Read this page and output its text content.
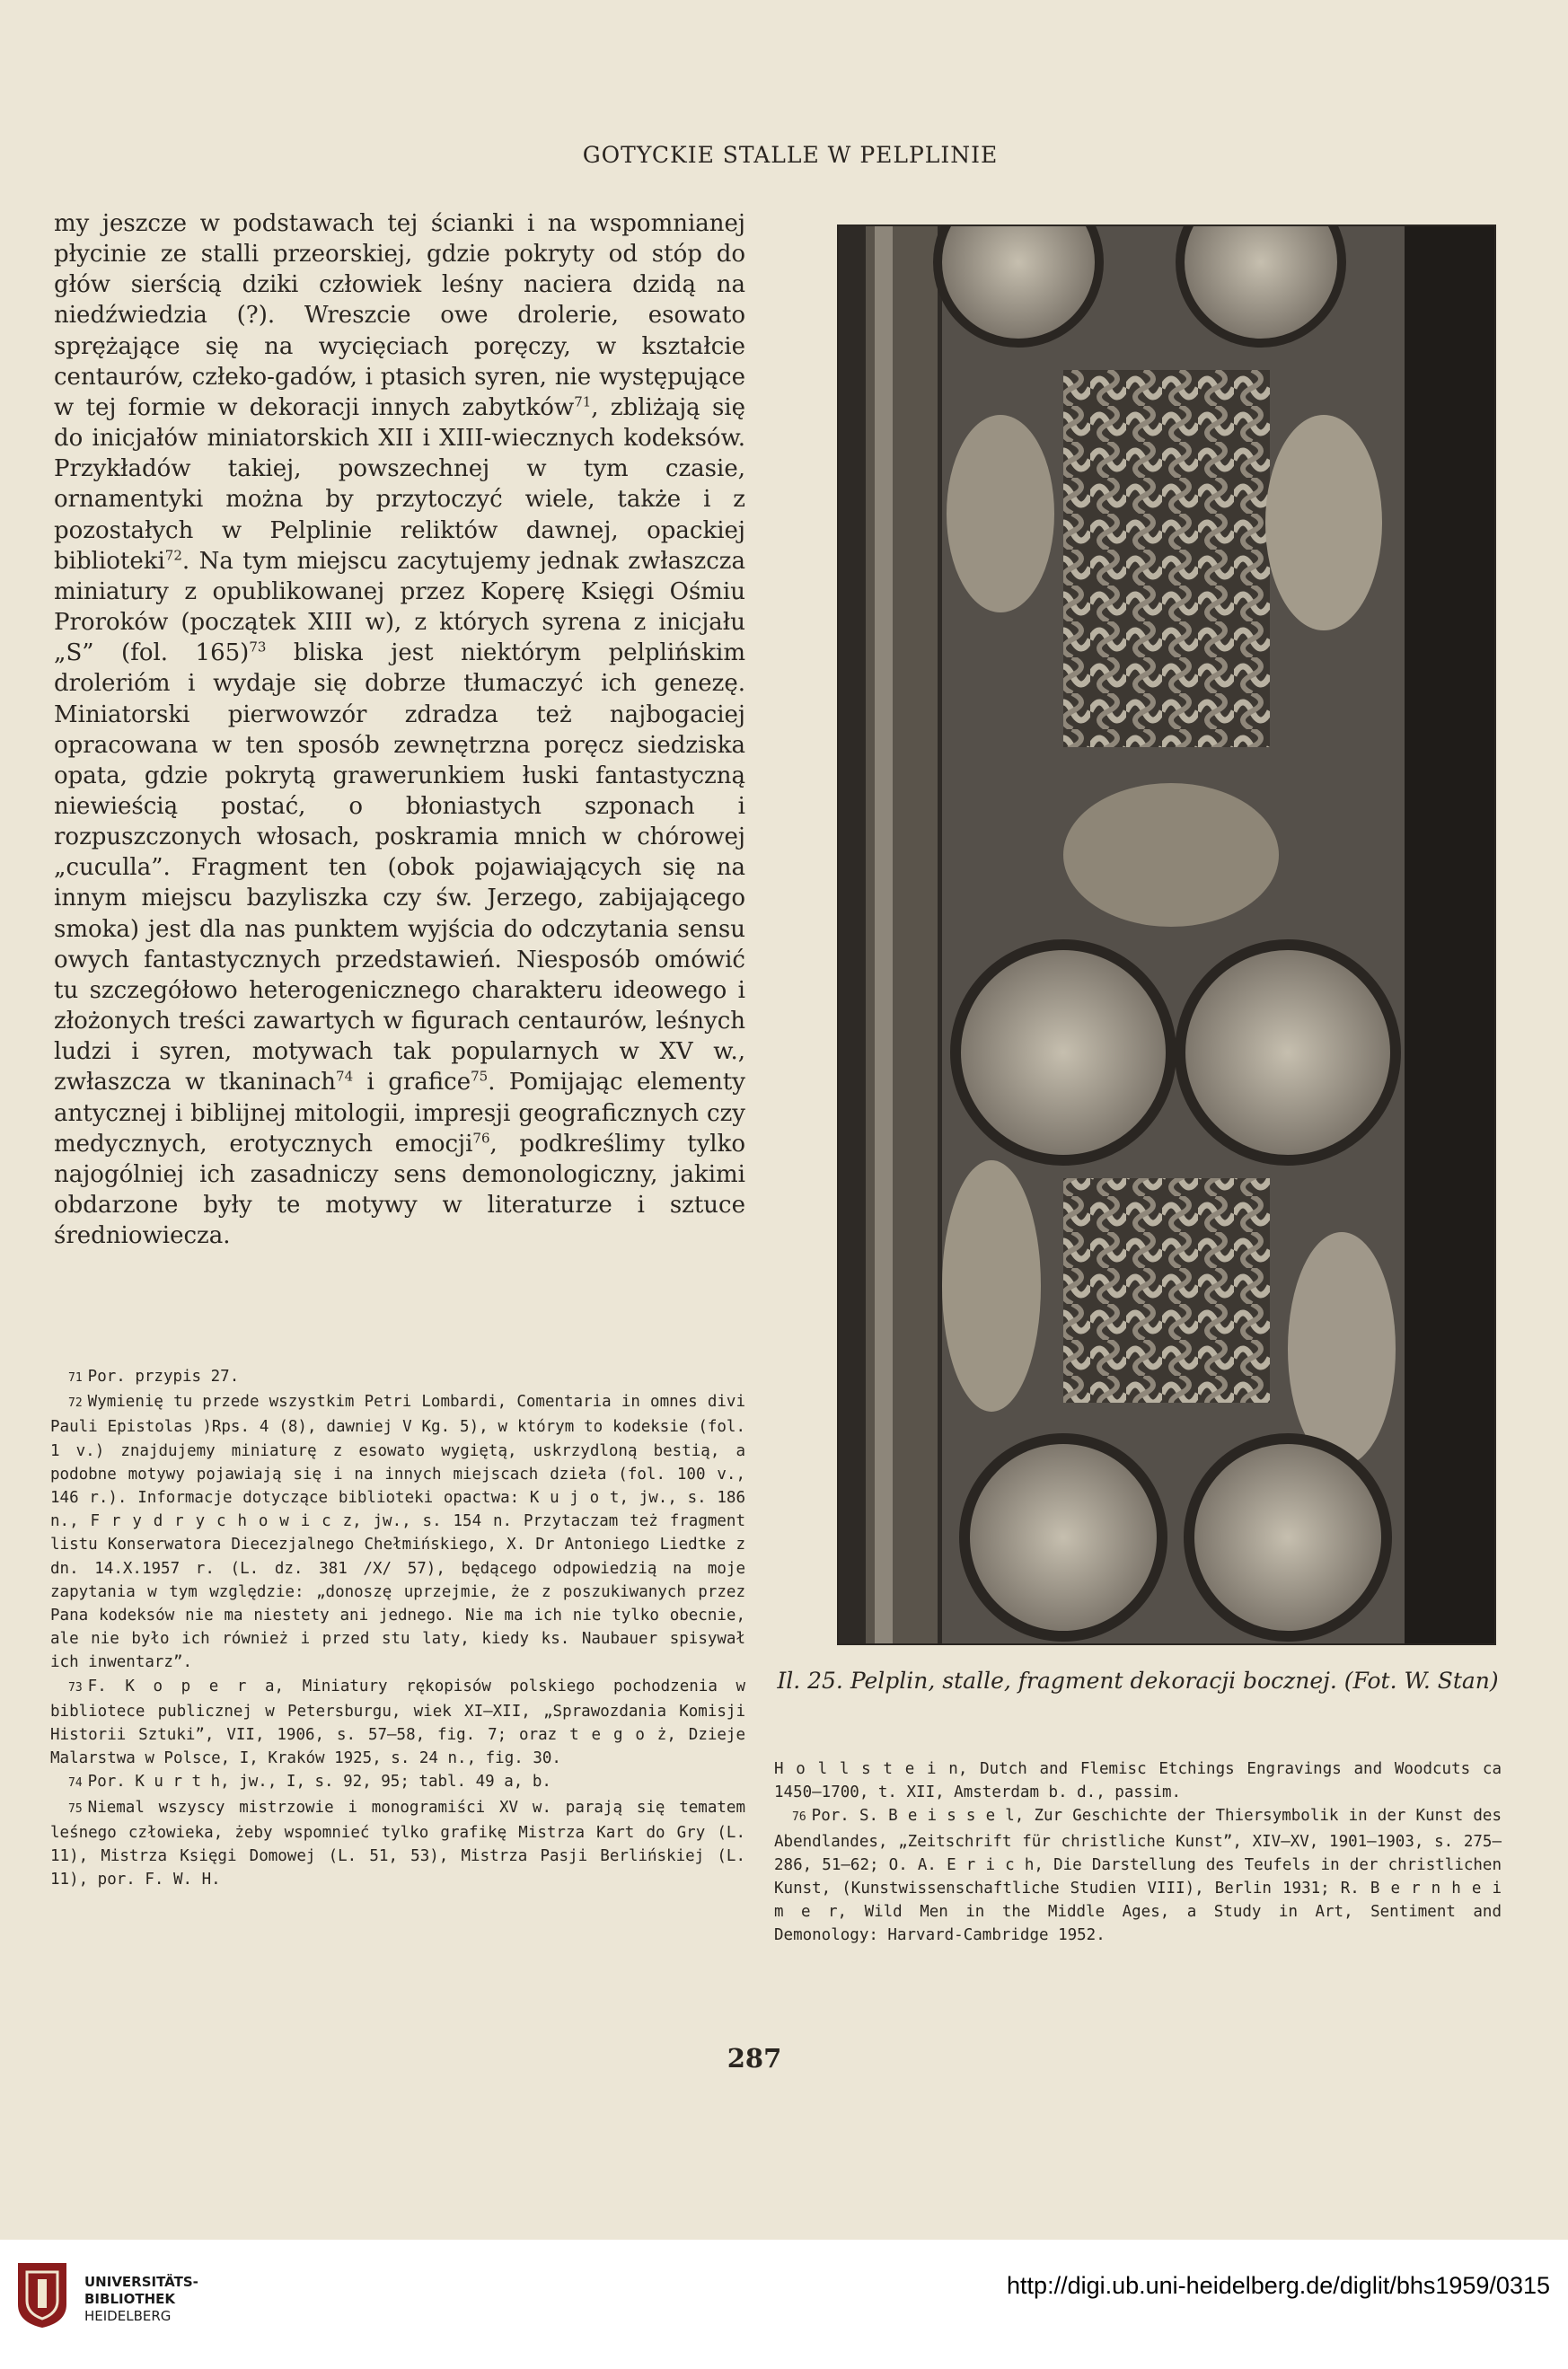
GOTYCKIE STALLE W PELPLINIE

my jeszcze w podstawach tej ścianki i na wspomnianej płycinie ze stalli przeorskiej, gdzie pokryty od stóp do głów sierścią dziki człowiek leśny naciera dzidą na niedźwiedzia (?). Wreszcie owe drolerie, esowato sprężające się na wycięciach poręczy, w kształcie centaurów, człeko-gadów, i ptasich syren, nie występujące w tej formie w dekoracji innych zabytków$^{71}$, zbliżają się do inicjałów miniatorskich XII i XIII-wiecznych kodeksów. Przykładów takiej, powszechnej w tym czasie, ornamentyki można by przytoczyć wiele, także i z pozostałych w Pelplinie reliktów dawnej, opackiej biblioteki$^{72}$. Na tym miejscu zacytujemy jednak zwłaszcza miniatury z opublikowanej przez Koperę Księgi Ośmiu Proroków (początek XIII w), z których syrena z inicjału „S” (fol. 165)$^{73}$ bliska jest niektórym pelplińskim drolerióm i wydaje się dobrze tłumaczyć ich genezę. Miniatorski pierwowzór zdradza też najbogaciej opracowana w ten sposób zewnętrzna poręcz siedziska opata, gdzie pokrytą grawerunkiem łuski fantastyczną niewieścią postać, o błoniastych szponach i rozpuszczonych włosach, poskramia mnich w chórowej „cuculla”. Fragment ten (obok pojawiających się na innym miejscu bazyliszka czy św. Jerzego, zabijającego smoka) jest dla nas punktem wyjścia do odczytania sensu owych fantastycznych przedstawień. Niesposób omówić tu szczegółowo heterogenicznego charakteru ideowego i złożonych treści zawartych w figurach centaurów, leśnych ludzi i syren, motywach tak popularnych w XV w., zwłaszcza w tkaninach$^{74}$ i grafice$^{75}$. Pomijając elementy antycznej i biblijnej mitologii, impresji geograficznych czy medycznych, erotycznych emocji$^{76}$, podkreślimy tylko najogólniej ich zasadniczy sens demonologiczny, jakimi obdarzone były te motywy w literaturze i sztuce średniowiecza.

Il. 25. Pelplin, stalle, fragment dekoracji bocznej. (Fot. W. Stan)

71 Por. przypis 27.

72 Wymienię tu przede wszystkim Petri Lombardi, Comentaria in omnes divi Pauli Epistolas )Rps. 4 (8), dawniej V Kg. 5), w którym to kodeksie (fol. 1 v.) znajdujemy miniaturę z esowato wygiętą, uskrzydloną bestią, a podobne motywy pojawiają się i na innych miejscach dzieła (fol. 100 v., 146 r.). Informacje dotyczące biblioteki opactwa: K u j o t, jw., s. 186 n., F r y d r y c h o w i c z, jw., s. 154 n. Przytaczam też fragment listu Konserwatora Diecezjalnego Chełmińskiego, X. Dr Antoniego Liedtke z dn. 14.X.1957 r. (L. dz. 381 /X/ 57), będącego odpowiedzią na moje zapytania w tym względzie: „donoszę uprzejmie, że z poszukiwanych przez Pana kodeksów nie ma niestety ani jednego. Nie ma ich nie tylko obecnie, ale nie było ich również i przed stu laty, kiedy ks. Naubauer spisywał ich inwentarz”.

73 F. K o p e r a, Miniatury rękopisów polskiego pochodzenia w bibliotece publicznej w Petersburgu, wiek XI—XII, „Sprawozdania Komisji Historii Sztuki”, VII, 1906, s. 57—58, fig. 7; oraz t e g o ż, Dzieje Malarstwa w Polsce, I, Kraków 1925, s. 24 n., fig. 30.

74 Por. K u r t h, jw., I, s. 92, 95; tabl. 49 a, b.

75 Niemal wszyscy mistrzowie i monogramiści XV w. parają się tematem leśnego człowieka, żeby wspomnieć tylko grafikę Mistrza Kart do Gry (L. 11), Mistrza Księgi Domowej (L. 51, 53), Mistrza Pasji Berlińskiej (L. 11), por. F. W. H.

H o l l s t e i n, Dutch and Flemisc Etchings Engravings and Woodcuts ca 1450—1700, t. XII, Amsterdam b. d., passim.

76 Por. S. B e i s s e l, Zur Geschichte der Thiersymbolik in der Kunst des Abendlandes, „Zeitschrift für christliche Kunst”, XIV—XV, 1901—1903, s. 275—286, 51—62; O. A. E r i c h, Die Darstellung des Teufels in der christlichen Kunst, (Kunstwissenschaftliche Studien VIII), Berlin 1931; R. B e r n h e i m e r, Wild Men in the Middle Ages, a Study in Art, Sentiment and Demonology: Harvard-Cambridge 1952.

287
UNIVERSITÄTS-
BIBLIOTHEK
HEIDELBERG
http://digi.ub.uni-heidelberg.de/diglit/bhs1959/0315
